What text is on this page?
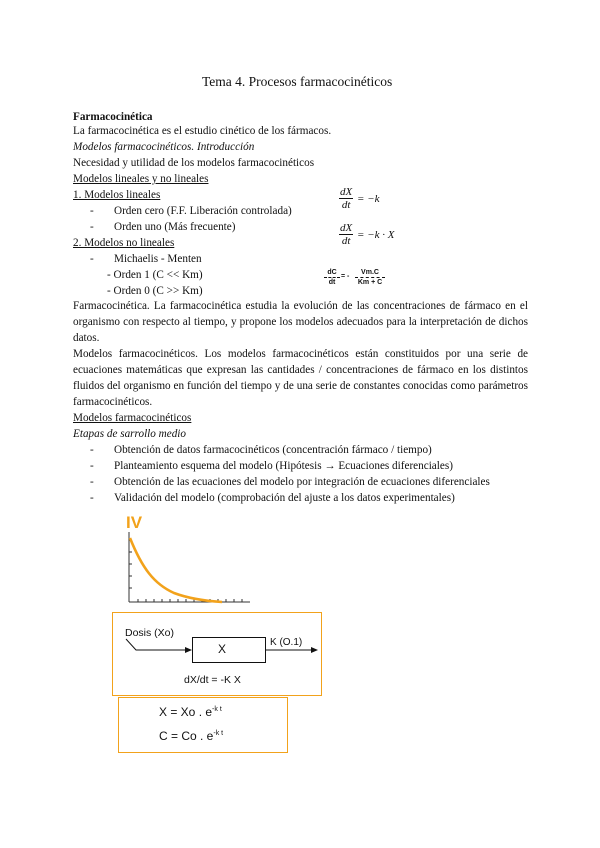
Tema 4. Procesos farmacocinéticos
Farmacocinética
La farmacocinética es el estudio cinético de los fármacos.
Modelos farmacocinéticos. Introducción
Necesidad y utilidad de los modelos farmacocinéticos
Modelos lineales y no lineales
1. Modelos lineales
- Orden cero (F.F. Liberación controlada)
- Orden uno (Más frecuente)
2. Modelos no lineales
- Michaelis - Menten
- Orden 1 (C << Km)
- Orden 0 (C >> Km)
$\frac{dX}{dt} = -k$
$\frac{dX}{dt} = -k \cdot X$
$\frac{dC}{dt}$ = - $\frac{Vm.C}{Km + C}$
Farmacocinética. La farmacocinética estudia la evolución de las concentraciones de fármaco en el organismo con respecto al tiempo, y propone los modelos adecuados para la interpretación de dichos datos.
Modelos farmacocinéticos. Los modelos farmacocinéticos están constituidos por una serie de ecuaciones matemáticas que expresan las cantidades / concentraciones de fármaco en los distintos fluidos del organismo en función del tiempo y de una serie de constantes conocidas como parámetros farmacocinéticos.
Modelos farmacocinéticos
Etapas de sarrollo medio
- Obtención de datos farmacocinéticos (concentración fármaco / tiempo)
- Planteamiento esquema del modelo (Hipótesis → Ecuaciones diferenciales)
- Obtención de las ecuaciones del modelo por integración de ecuaciones diferenciales
- Validación del modelo (comprobación del ajuste a los datos experimentales)
IV
Dosis (Xo)
X	K (O.1)
dX/dt = -K X
X = Xo . $e^{-k t}$
C = Co . $e^{-k t}$
